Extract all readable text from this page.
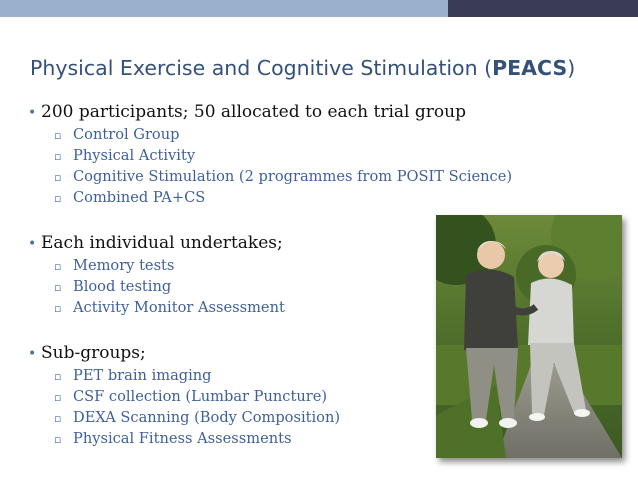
Physical Exercise and Cognitive Stimulation (PEACS)
• 200 participants; 50 allocated to each trial group
▫ Control Group
▫ Physical Activity
▫ Cognitive Stimulation (2 programmes from POSIT Science)
▫ Combined PA+CS
• Each individual undertakes;
▫ Memory tests
▫ Blood testing
▫ Activity Monitor Assessment
• Sub-groups;
▫ PET brain imaging
▫ CSF collection (Lumbar Puncture)
▫ DEXA Scanning (Body Composition)
▫ Physical Fitness Assessments
